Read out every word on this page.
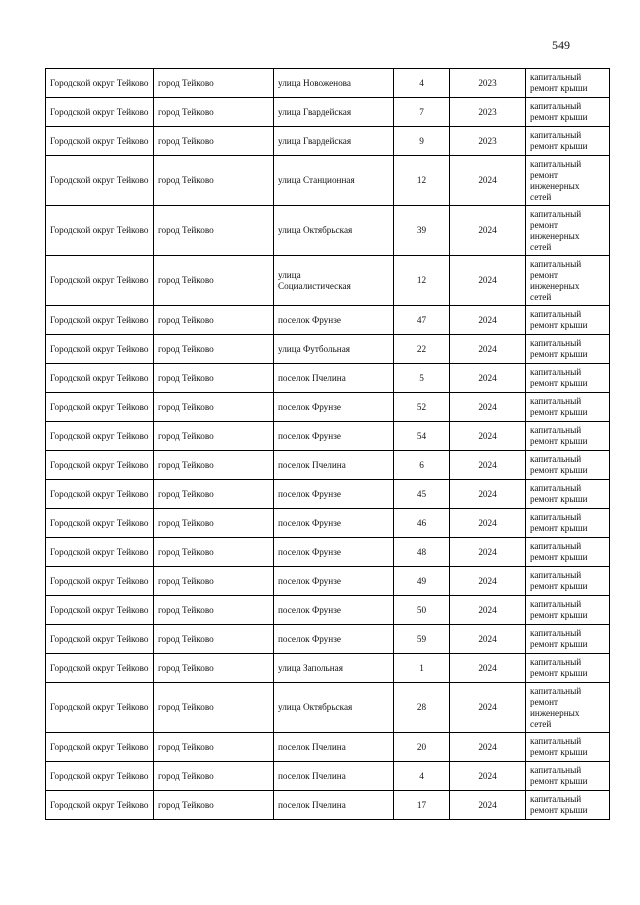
549
Городской округ Тейково	город Тейково	улица Новоженова	4	2023	капитальный ремонт крыши
Городской округ Тейково	город Тейково	улица Гвардейская	7	2023	капитальный ремонт крыши
Городской округ Тейково	город Тейково	улица Гвардейская	9	2023	капитальный ремонт крыши
Городской округ Тейково	город Тейково	улица Станционная	12	2024	капитальный
ремонт
инженерных
сетей
Городской округ Тейково	город Тейково	улица Октябрьская	39	2024	капитальный
ремонт
инженерных
сетей
Городской округ Тейково	город Тейково	улица
Социалистическая	12	2024	капитальный
ремонт
инженерных
сетей
Городской округ Тейково	город Тейково	поселок Фрунзе	47	2024	капитальный ремонт крыши
Городской округ Тейково	город Тейково	улица Футбольная	22	2024	капитальный ремонт крыши
Городской округ Тейково	город Тейково	поселок Пчелина	5	2024	капитальный ремонт крыши
Городской округ Тейково	город Тейково	поселок Фрунзе	52	2024	капитальный ремонт крыши
Городской округ Тейково	город Тейково	поселок Фрунзе	54	2024	капитальный ремонт крыши
Городской округ Тейково	город Тейково	поселок Пчелина	6	2024	капитальный ремонт крыши
Городской округ Тейково	город Тейково	поселок Фрунзе	45	2024	капитальный ремонт крыши
Городской округ Тейково	город Тейково	поселок Фрунзе	46	2024	капитальный ремонт крыши
Городской округ Тейково	город Тейково	поселок Фрунзе	48	2024	капитальный ремонт крыши
Городской округ Тейково	город Тейково	поселок Фрунзе	49	2024	капитальный ремонт крыши
Городской округ Тейково	город Тейково	поселок Фрунзе	50	2024	капитальный ремонт крыши
Городской округ Тейково	город Тейково	поселок Фрунзе	59	2024	капитальный ремонт крыши
Городской округ Тейково	город Тейково	улица Запольная	1	2024	капитальный ремонт крыши
Городской округ Тейково	город Тейково	улица Октябрьская	28	2024	капитальный
ремонт
инженерных
сетей
Городской округ Тейково	город Тейково	поселок Пчелина	20	2024	капитальный ремонт крыши
Городской округ Тейково	город Тейково	поселок Пчелина	4	2024	капитальный ремонт крыши
Городской округ Тейково	город Тейково	поселок Пчелина	17	2024	капитальный ремонт крыши
